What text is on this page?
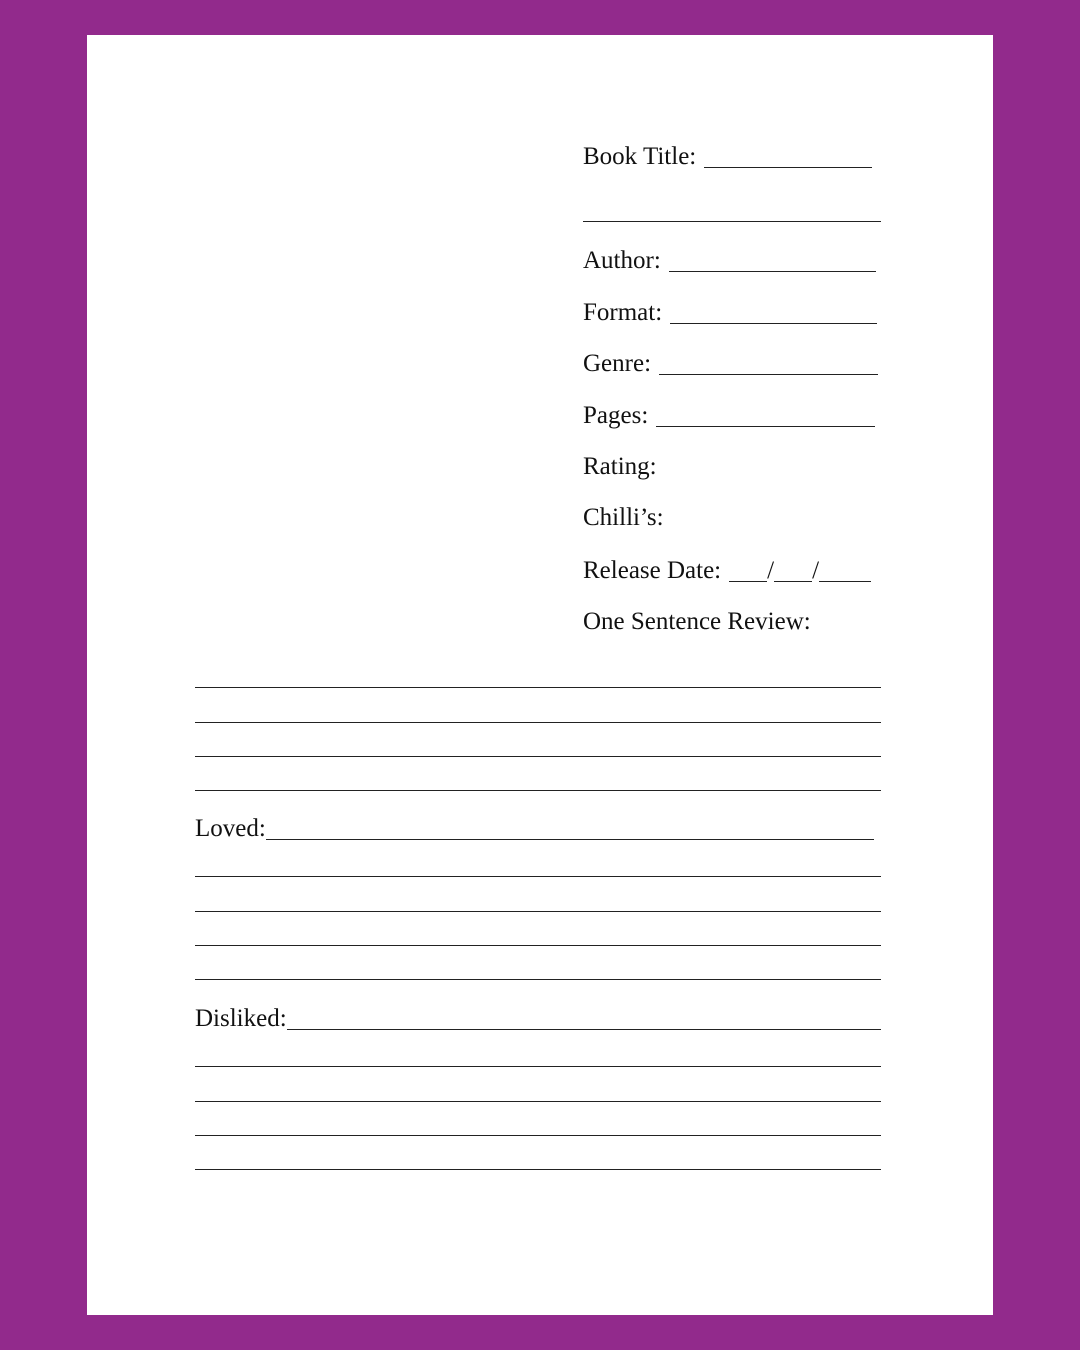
Book Title:
Author:
Format:
Genre:
Pages:
Rating:
Chilli’s:
Release Date: / /
One Sentence Review:
Loved:
Disliked:
